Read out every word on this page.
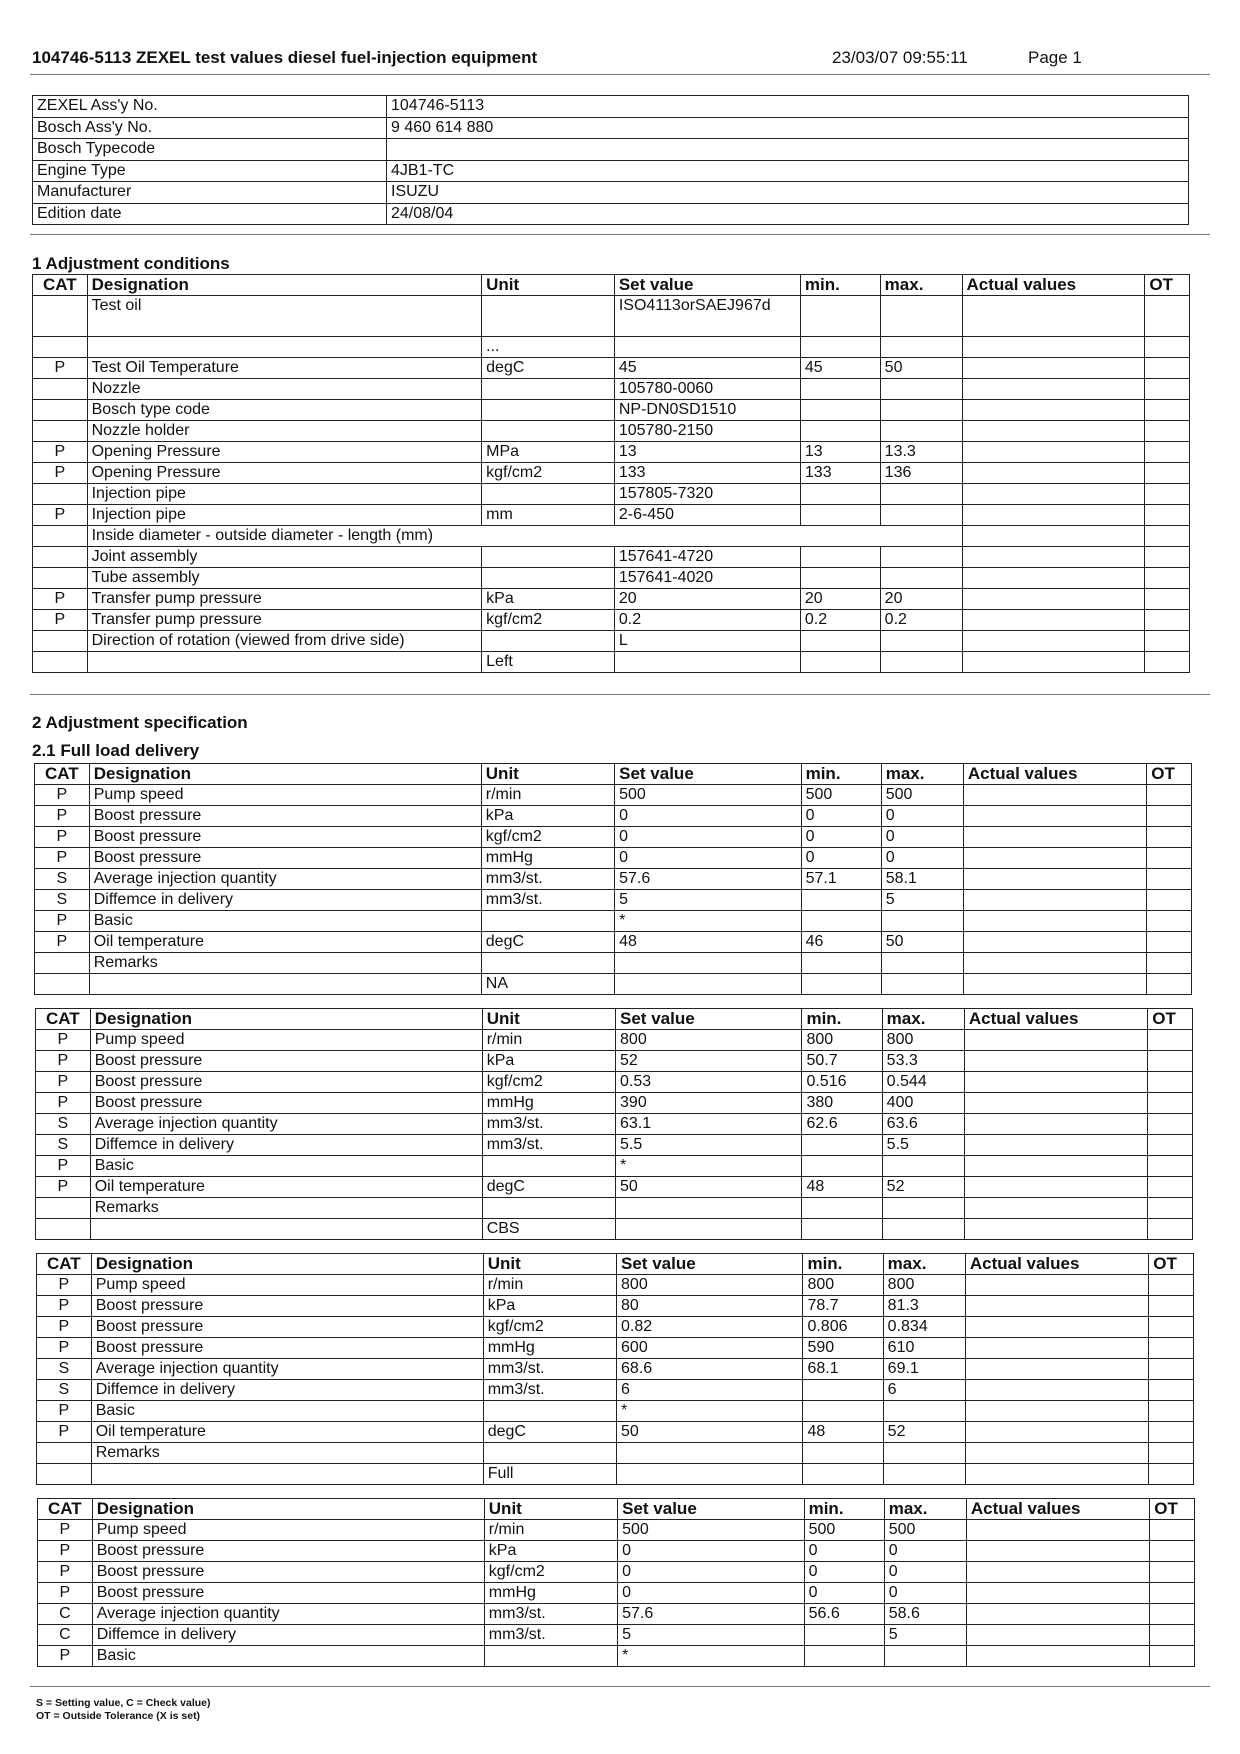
104746-5113 ZEXEL test values diesel fuel-injection equipment	23/03/07 09:55:11	Page 1
ZEXEL Ass'y No.	104746-5113
Bosch Ass'y No.	9 460 614 880
Bosch Typecode	
Engine Type	4JB1-TC
Manufacturer	ISUZU
Edition date	24/08/04
1 Adjustment conditions
CAT	Designation	Unit	Set value	min.	max.	Actual values	OT
	Test oil		ISO4113orSAEJ967d				
		...					
P	Test Oil Temperature	degC	45	45	50		
	Nozzle		105780-0060				
	Bosch type code		NP-DN0SD1510				
	Nozzle holder		105780-2150				
P	Opening Pressure	MPa	13	13	13.3		
P	Opening Pressure	kgf/cm2	133	133	136		
	Injection pipe		157805-7320				
P	Injection pipe	mm	2-6-450				
	Inside diameter - outside diameter - length (mm)						
	Joint assembly		157641-4720				
	Tube assembly		157641-4020				
P	Transfer pump pressure	kPa	20	20	20		
P	Transfer pump pressure	kgf/cm2	0.2	0.2	0.2		
	Direction of rotation (viewed from drive side)		L				
		Left					
2 Adjustment specification
2.1 Full load delivery
CAT	Designation	Unit	Set value	min.	max.	Actual values	OT
P	Pump speed	r/min	500	500	500		
P	Boost pressure	kPa	0	0	0		
P	Boost pressure	kgf/cm2	0	0	0		
P	Boost pressure	mmHg	0	0	0		
S	Average injection quantity	mm3/st.	57.6	57.1	58.1		
S	Diffemce in delivery	mm3/st.	5		5		
P	Basic		*				
P	Oil temperature	degC	48	46	50		
	Remarks						
		NA					
CAT	Designation	Unit	Set value	min.	max.	Actual values	OT
P	Pump speed	r/min	800	800	800		
P	Boost pressure	kPa	52	50.7	53.3		
P	Boost pressure	kgf/cm2	0.53	0.516	0.544		
P	Boost pressure	mmHg	390	380	400		
S	Average injection quantity	mm3/st.	63.1	62.6	63.6		
S	Diffemce in delivery	mm3/st.	5.5		5.5		
P	Basic		*				
P	Oil temperature	degC	50	48	52		
	Remarks						
		CBS					
CAT	Designation	Unit	Set value	min.	max.	Actual values	OT
P	Pump speed	r/min	800	800	800		
P	Boost pressure	kPa	80	78.7	81.3		
P	Boost pressure	kgf/cm2	0.82	0.806	0.834		
P	Boost pressure	mmHg	600	590	610		
S	Average injection quantity	mm3/st.	68.6	68.1	69.1		
S	Diffemce in delivery	mm3/st.	6		6		
P	Basic		*				
P	Oil temperature	degC	50	48	52		
	Remarks						
		Full					
CAT	Designation	Unit	Set value	min.	max.	Actual values	OT
P	Pump speed	r/min	500	500	500		
P	Boost pressure	kPa	0	0	0		
P	Boost pressure	kgf/cm2	0	0	0		
P	Boost pressure	mmHg	0	0	0		
C	Average injection quantity	mm3/st.	57.6	56.6	58.6		
C	Diffemce in delivery	mm3/st.	5		5		
P	Basic		*				
S = Setting value, C = Check value)
OT = Outside Tolerance (X is set)
